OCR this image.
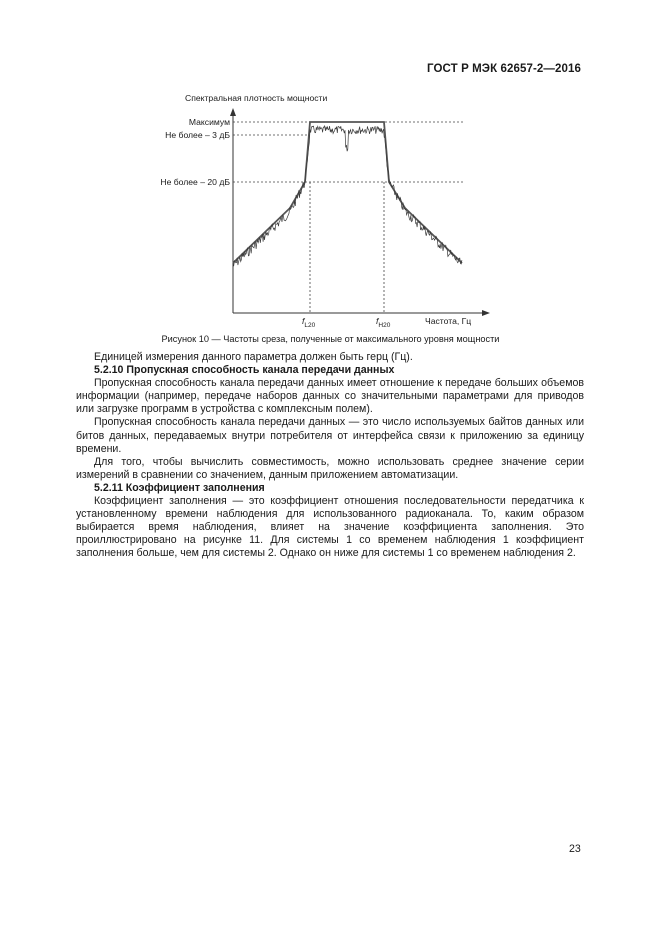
ГОСТ Р МЭК 62657-2—2016
Спектральная плотность мощности
Максимум
Не более – 3 дБ
Не более – 20 дБ
$f_{L20}$	$f_{H20}$	Частота, Гц
Рисунок 10 — Частоты среза, полученные от максимального уровня мощности

Единицей измерения данного параметра должен быть герц (Гц).

5.2.10 Пропускная способность канала передачи данных

Пропускная способность канала передачи данных имеет отношение к передаче больших объемов информации (например, передаче наборов данных со значительными параметрами для приводов или загрузке программ в устройства с комплексным полем).

Пропускная способность канала передачи данных — это число используемых байтов данных или битов данных, передаваемых внутри потребителя от интерфейса связи к приложению за единицу времени.

Для того, чтобы вычислить совместимость, можно использовать среднее значение серии измерений в сравнении со значением, данным приложением автоматизации.

5.2.11 Коэффициент заполнения

Коэффициент заполнения — это коэффициент отношения последовательности передатчика к установленному времени наблюдения для использованного радиоканала. То, каким образом выбирается время наблюдения, влияет на значение коэффициента заполнения. Это проиллюстрировано на рисунке 11. Для системы 1 со временем наблюдения 1 коэффициент заполнения больше, чем для системы 2. Однако он ниже для системы 1 со временем наблюдения 2.

23
